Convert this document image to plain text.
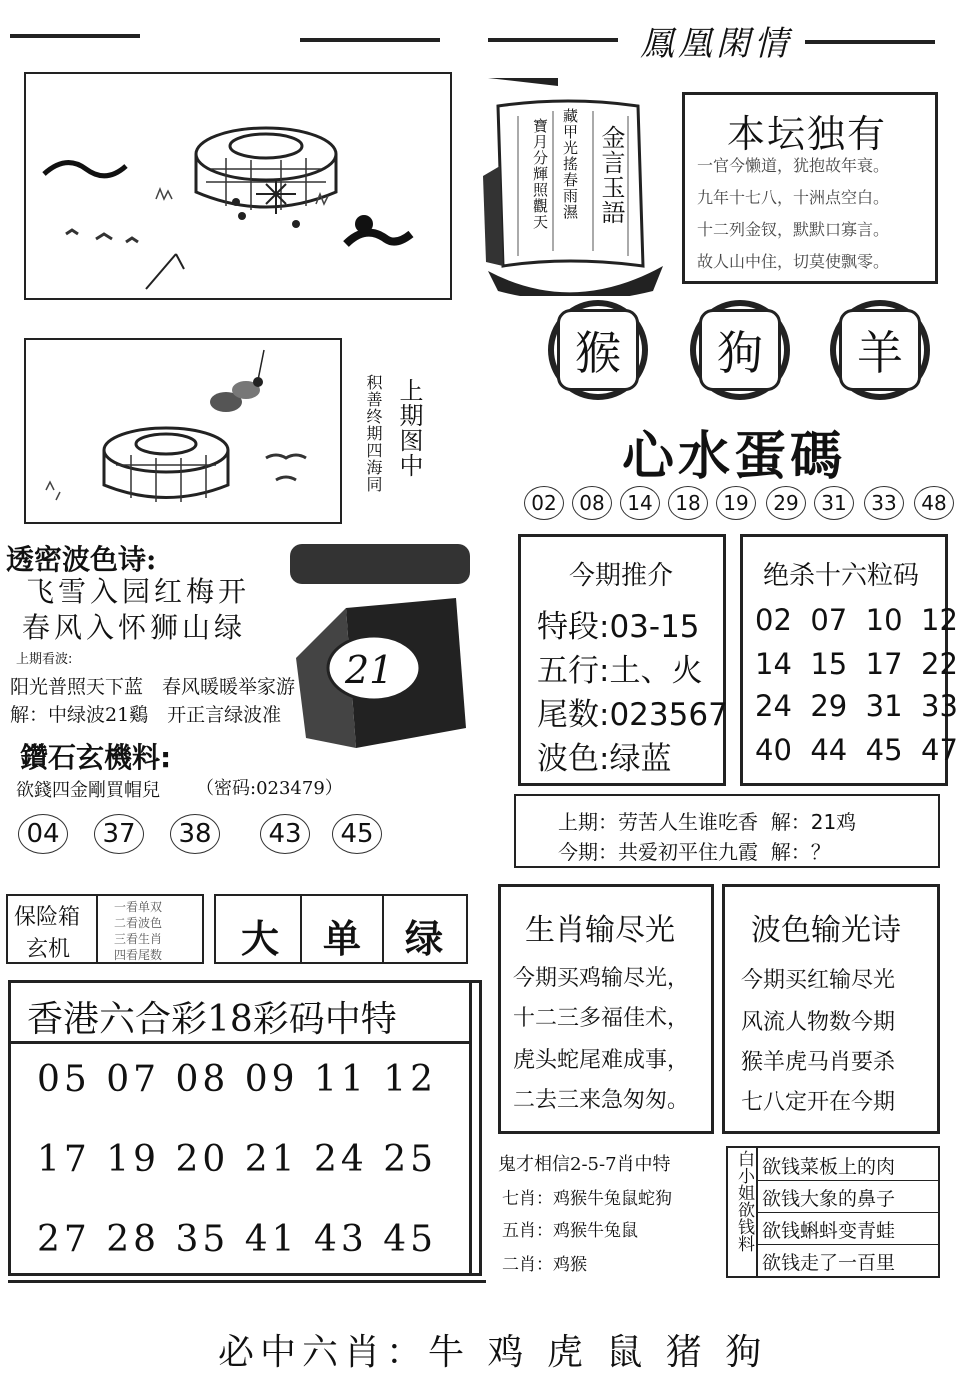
鳳凰閑情
寶月分輝照觀天 藏甲光搖春雨濕 金言玉語	本坛独有
一官今懒道，犹抱故年衰。
九年十七八，十洲点空白。
十二列金钗，默默口寡言。
故人山中住，切莫使飘零。
猴	狗	羊
心水蛋碼
02	08	14	18	19	29	31	33	48
积善终期四海同 上期图中
透密波色诗:
飞雪入园红梅开
春风入怀狮山绿
上期看波:
阳光普照天下蓝　春风暖暖举家游
解：中绿波21鷄　开正言绿波准
21
鑽石玄機料:
欲錢四金剛買帽兒 （密码:023479）
04	37	38	43	45
今期推介
特段:03-15
五行:土、火
尾数:023567
波色:绿蓝
绝杀十六粒码
02  07  10  12
14  15  17  22
24  29  31  33
40  44  45  47
上期：劳苦人生谁吃香  解：21鸡
今期：共爱初平住九霞  解：？
保险箱
玄机
一看单双
二看波色
三看生肖
四看尾数	大	单	绿
香港六合彩18彩码中特
05 07 08 09 11 12
17 19 20 21 24 25
27 28 35 41 43 45
生肖输尽光
今期买鸡输尽光，
十二三多福佳术，
虎头蛇尾难成事，
二去三来急匆匆。
波色输光诗
今期买红输尽光
风流人物数今期
猴羊虎马肖要杀
七八定开在今期
鬼才相信2-5-7肖中特
七肖：鸡猴牛兔鼠蛇狗
五肖：鸡猴牛兔鼠
二肖：鸡猴
白小姐欲钱料 欲钱菜板上的肉
欲钱大象的鼻子
欲钱蝌蚪变青蛙
欲钱走了一百里
必中六肖：牛 鸡 虎 鼠 猪 狗
